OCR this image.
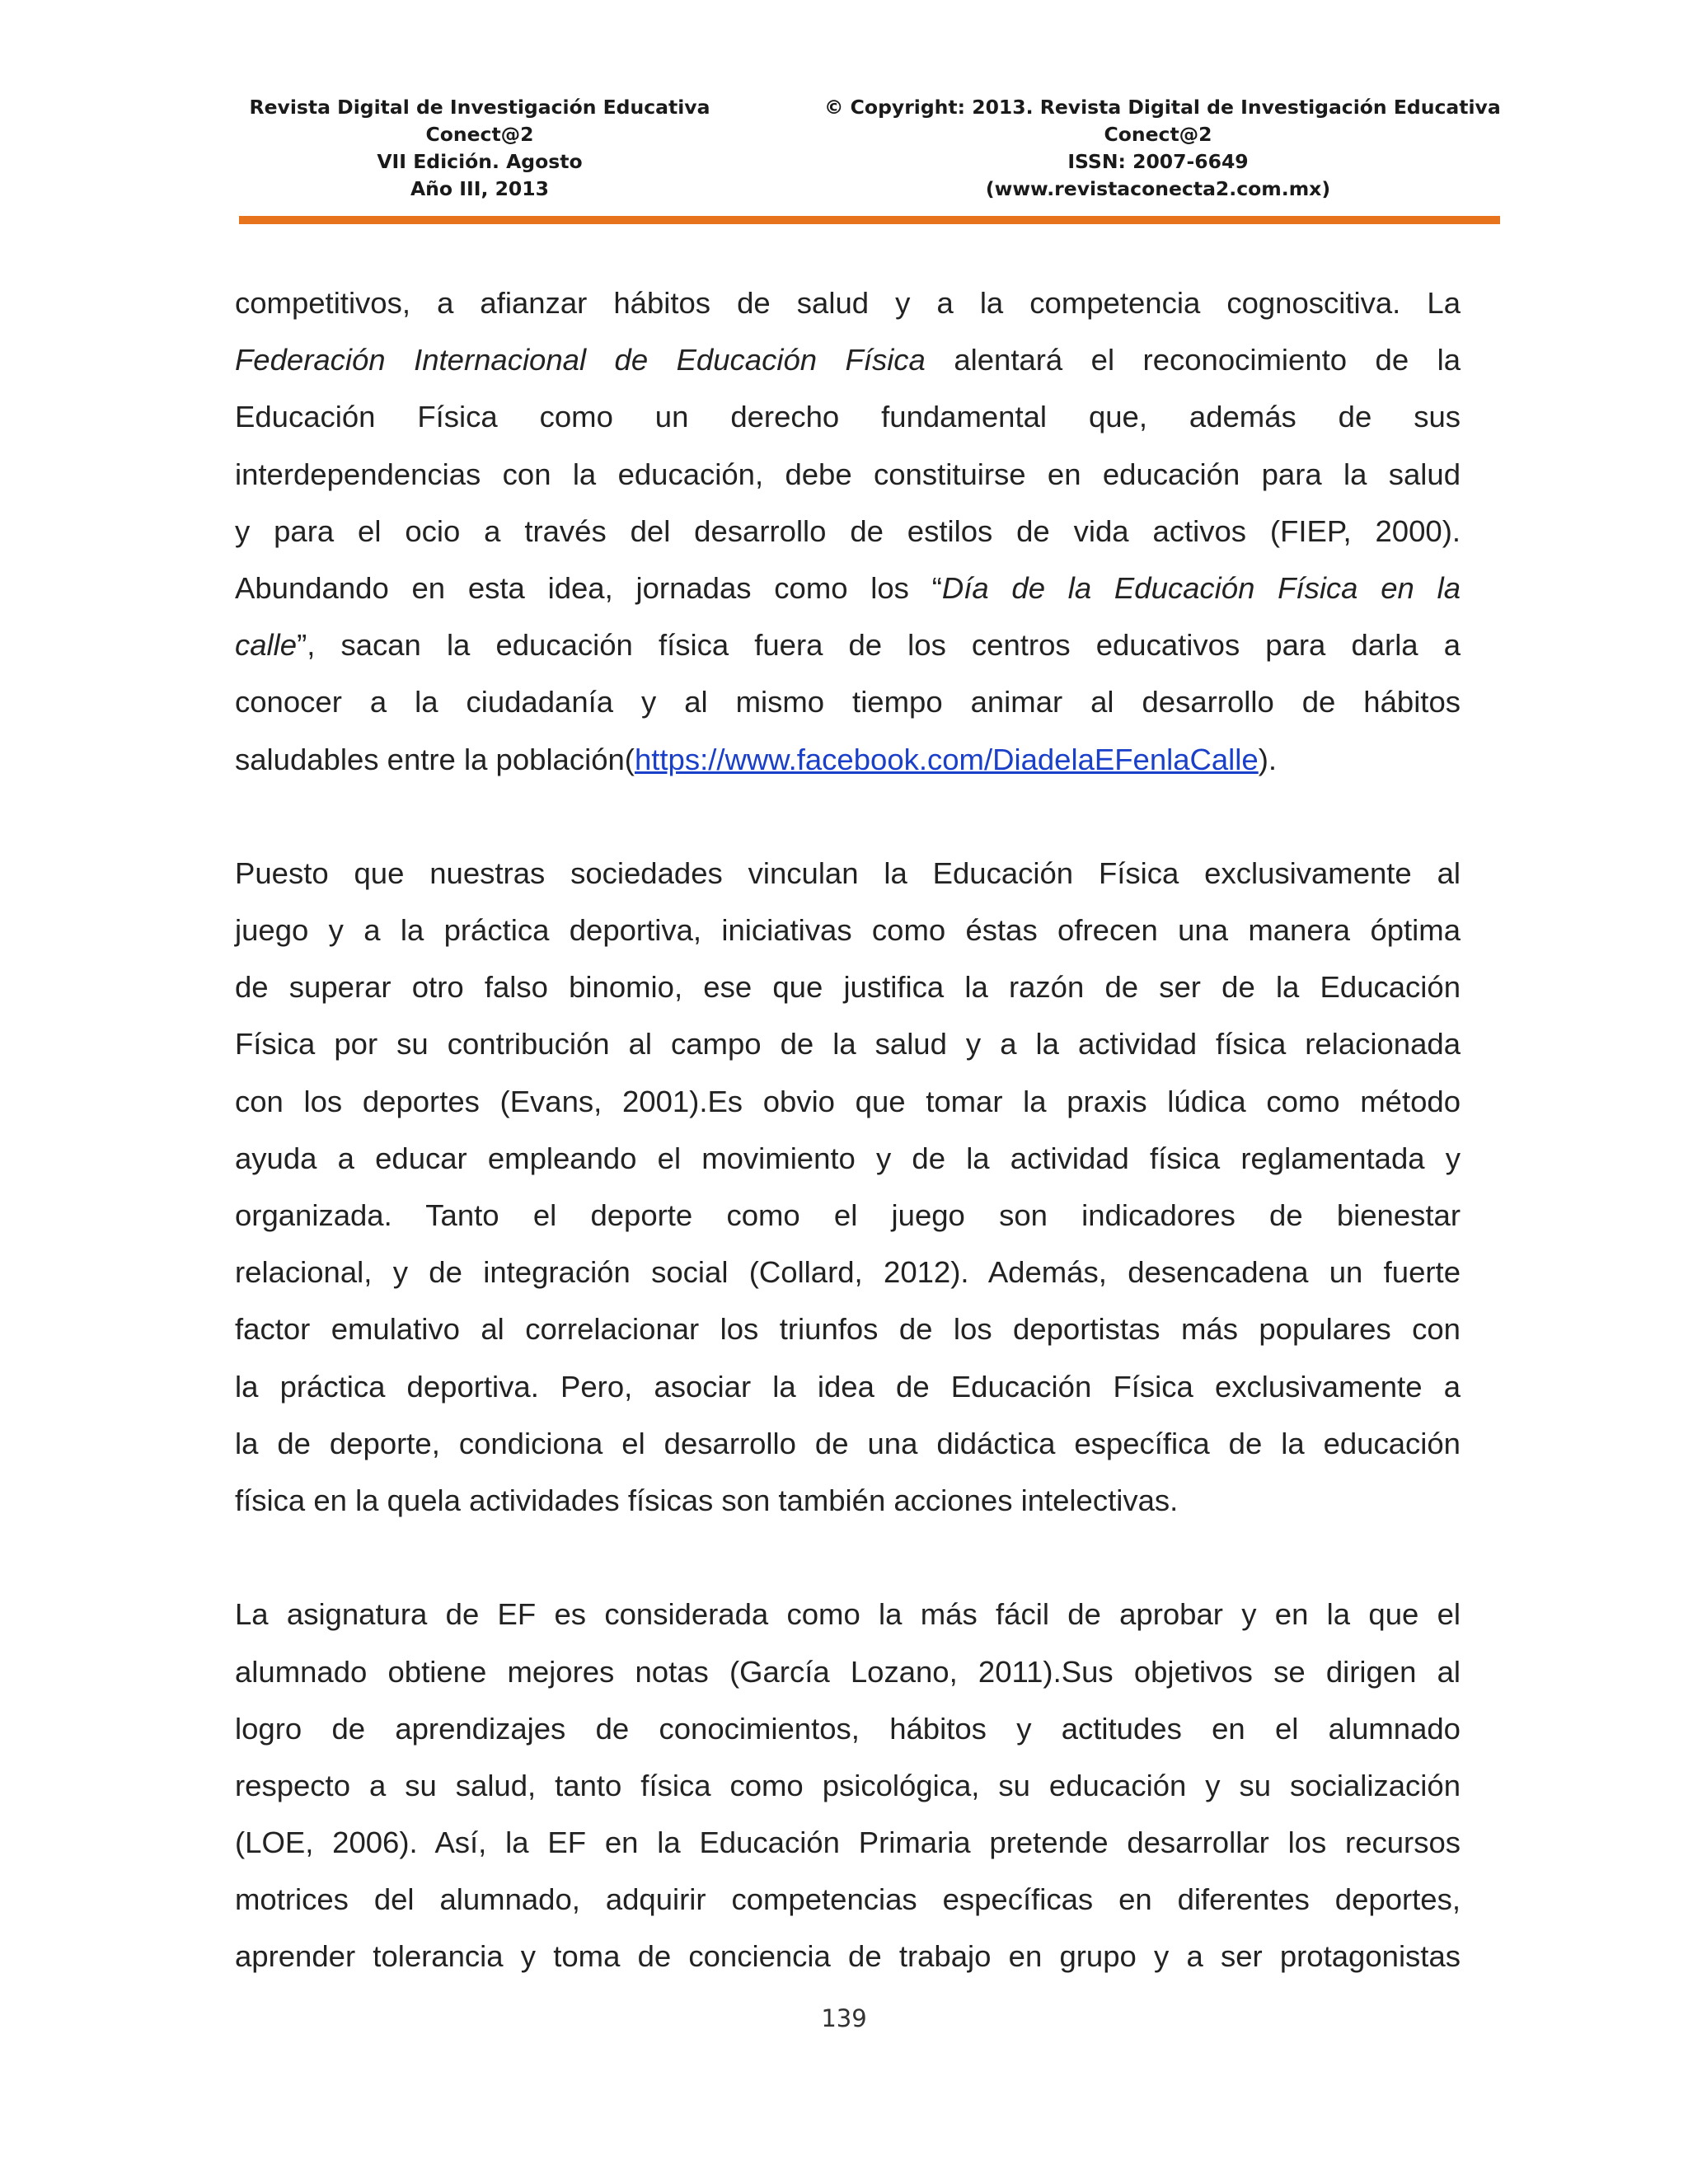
Revista Digital de Investigación Educativa
Conect@2
VII Edición. Agosto
Año III, 2013
© Copyright: 2013. Revista Digital de Investigación Educativa
Conect@2
ISSN: 2007-6649
(www.revistaconecta2.com.mx)
competitivos, a afianzar hábitos de salud y a la competencia cognoscitiva. La
Federación Internacional de Educación Física alentará el reconocimiento de la
Educación Física como un derecho fundamental que, además de sus
interdependencias con la educación, debe constituirse en educación para la salud
y para el ocio a través del desarrollo de estilos de vida activos (FIEP, 2000).
Abundando en esta idea, jornadas como los “Día de la Educación Física en la
calle”, sacan la educación física fuera de los centros educativos para darla a
conocer a la ciudadanía y al mismo tiempo animar al desarrollo de hábitos
saludables entre la población(https://www.facebook.com/DiadelaEFenlaCalle).
Puesto que nuestras sociedades vinculan la Educación Física exclusivamente al
juego y a la práctica deportiva, iniciativas como éstas ofrecen una manera óptima
de superar otro falso binomio, ese que justifica la razón de ser de la Educación
Física por su contribución al campo de la salud y a la actividad física relacionada
con los deportes (Evans, 2001).Es obvio que tomar la praxis lúdica como método
ayuda a educar empleando el movimiento y de la actividad física reglamentada y
organizada. Tanto el deporte como el juego son indicadores de bienestar
relacional, y de integración social (Collard, 2012). Además, desencadena un fuerte
factor emulativo al correlacionar los triunfos de los deportistas más populares con
la práctica deportiva. Pero, asociar la idea de Educación Física exclusivamente a
la de deporte, condiciona el desarrollo de una didáctica específica de la educación
física en la quela actividades físicas son también acciones intelectivas.
La asignatura de EF es considerada como la más fácil de aprobar y en la que el
alumnado obtiene mejores notas (García Lozano, 2011).Sus objetivos se dirigen al
logro de aprendizajes de conocimientos, hábitos y actitudes en el alumnado
respecto a su salud, tanto física como psicológica, su educación y su socialización
(LOE, 2006). Así, la EF en la Educación Primaria pretende desarrollar los recursos
motrices del alumnado, adquirir competencias específicas en diferentes deportes,
aprender tolerancia y toma de conciencia de trabajo en grupo y a ser protagonistas
139
